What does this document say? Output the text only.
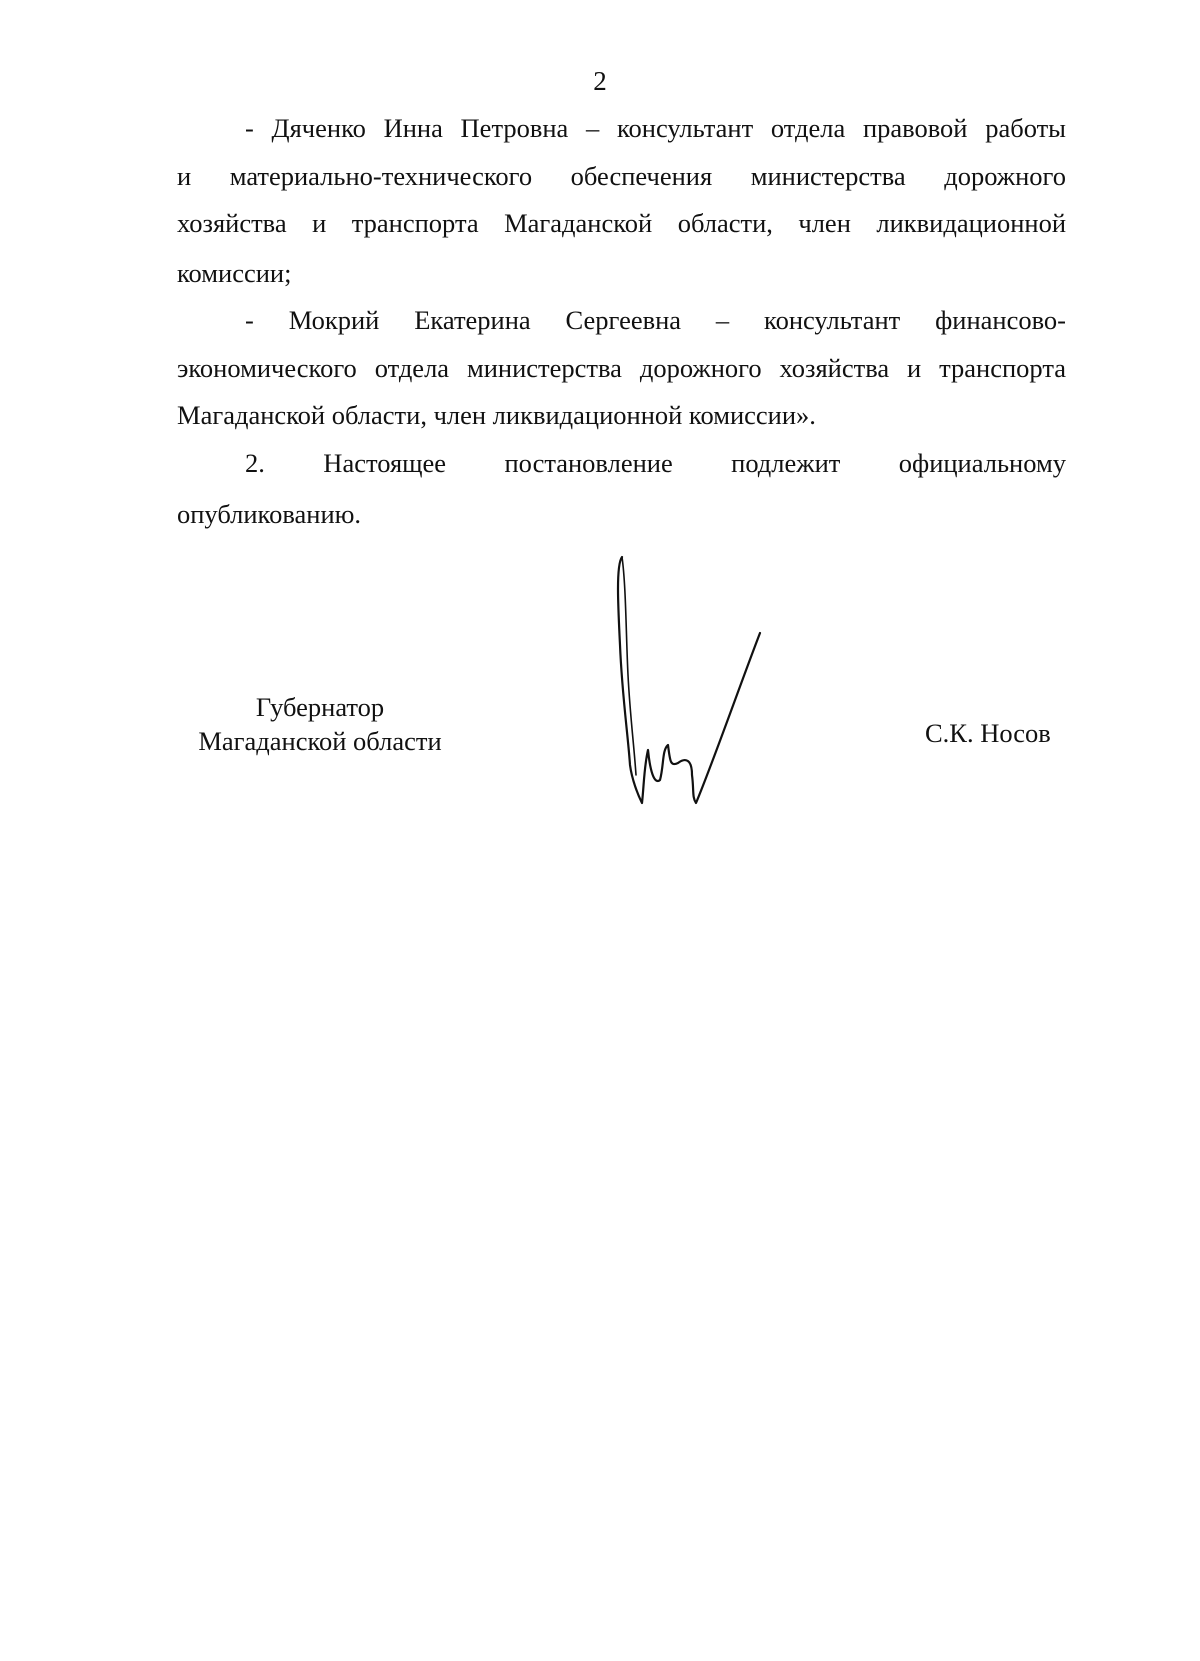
2
- Дяченко Инна Петровна – консультант отдела правовой работы
и материально-технического обеспечения министерства дорожного
хозяйства и транспорта Магаданской области, член ликвидационной
комиссии;
- Мокрий Екатерина Сергеевна – консультант финансово-
экономического отдела министерства дорожного хозяйства и транспорта
Магаданской области, член ликвидационной комиссии».
2. Настоящее постановление подлежит официальному
опубликованию.
Губернатор
Магаданской области	С.К. Носов
